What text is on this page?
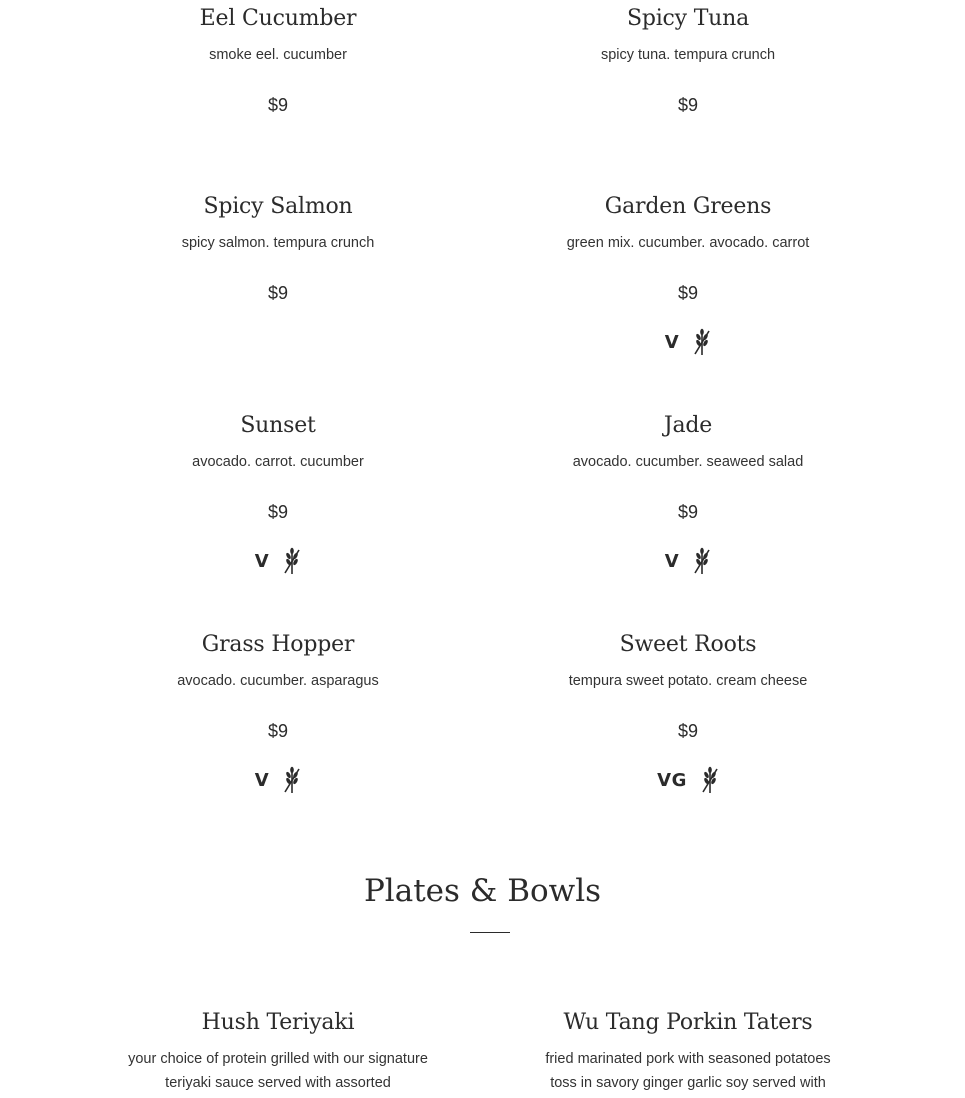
Eel Cucumber
smoke eel. cucumber
$9
Spicy Tuna
spicy tuna. tempura crunch
$9
Spicy Salmon
spicy salmon. tempura crunch
$9
Garden Greens
green mix. cucumber. avocado. carrot
$9
V
Sunset
avocado. carrot. cucumber
$9
V
Jade
avocado. cucumber. seaweed salad
$9
V
Grass Hopper
avocado. cucumber. asparagus
$9
V
Sweet Roots
tempura sweet potato. cream cheese
$9
VG
Plates & Bowls
Hush Teriyaki
your choice of protein grilled with our signature teriyaki sauce served with assorted
Wu Tang Porkin Taters
fried marinated pork with seasoned potatoes toss in savory ginger garlic soy served with
